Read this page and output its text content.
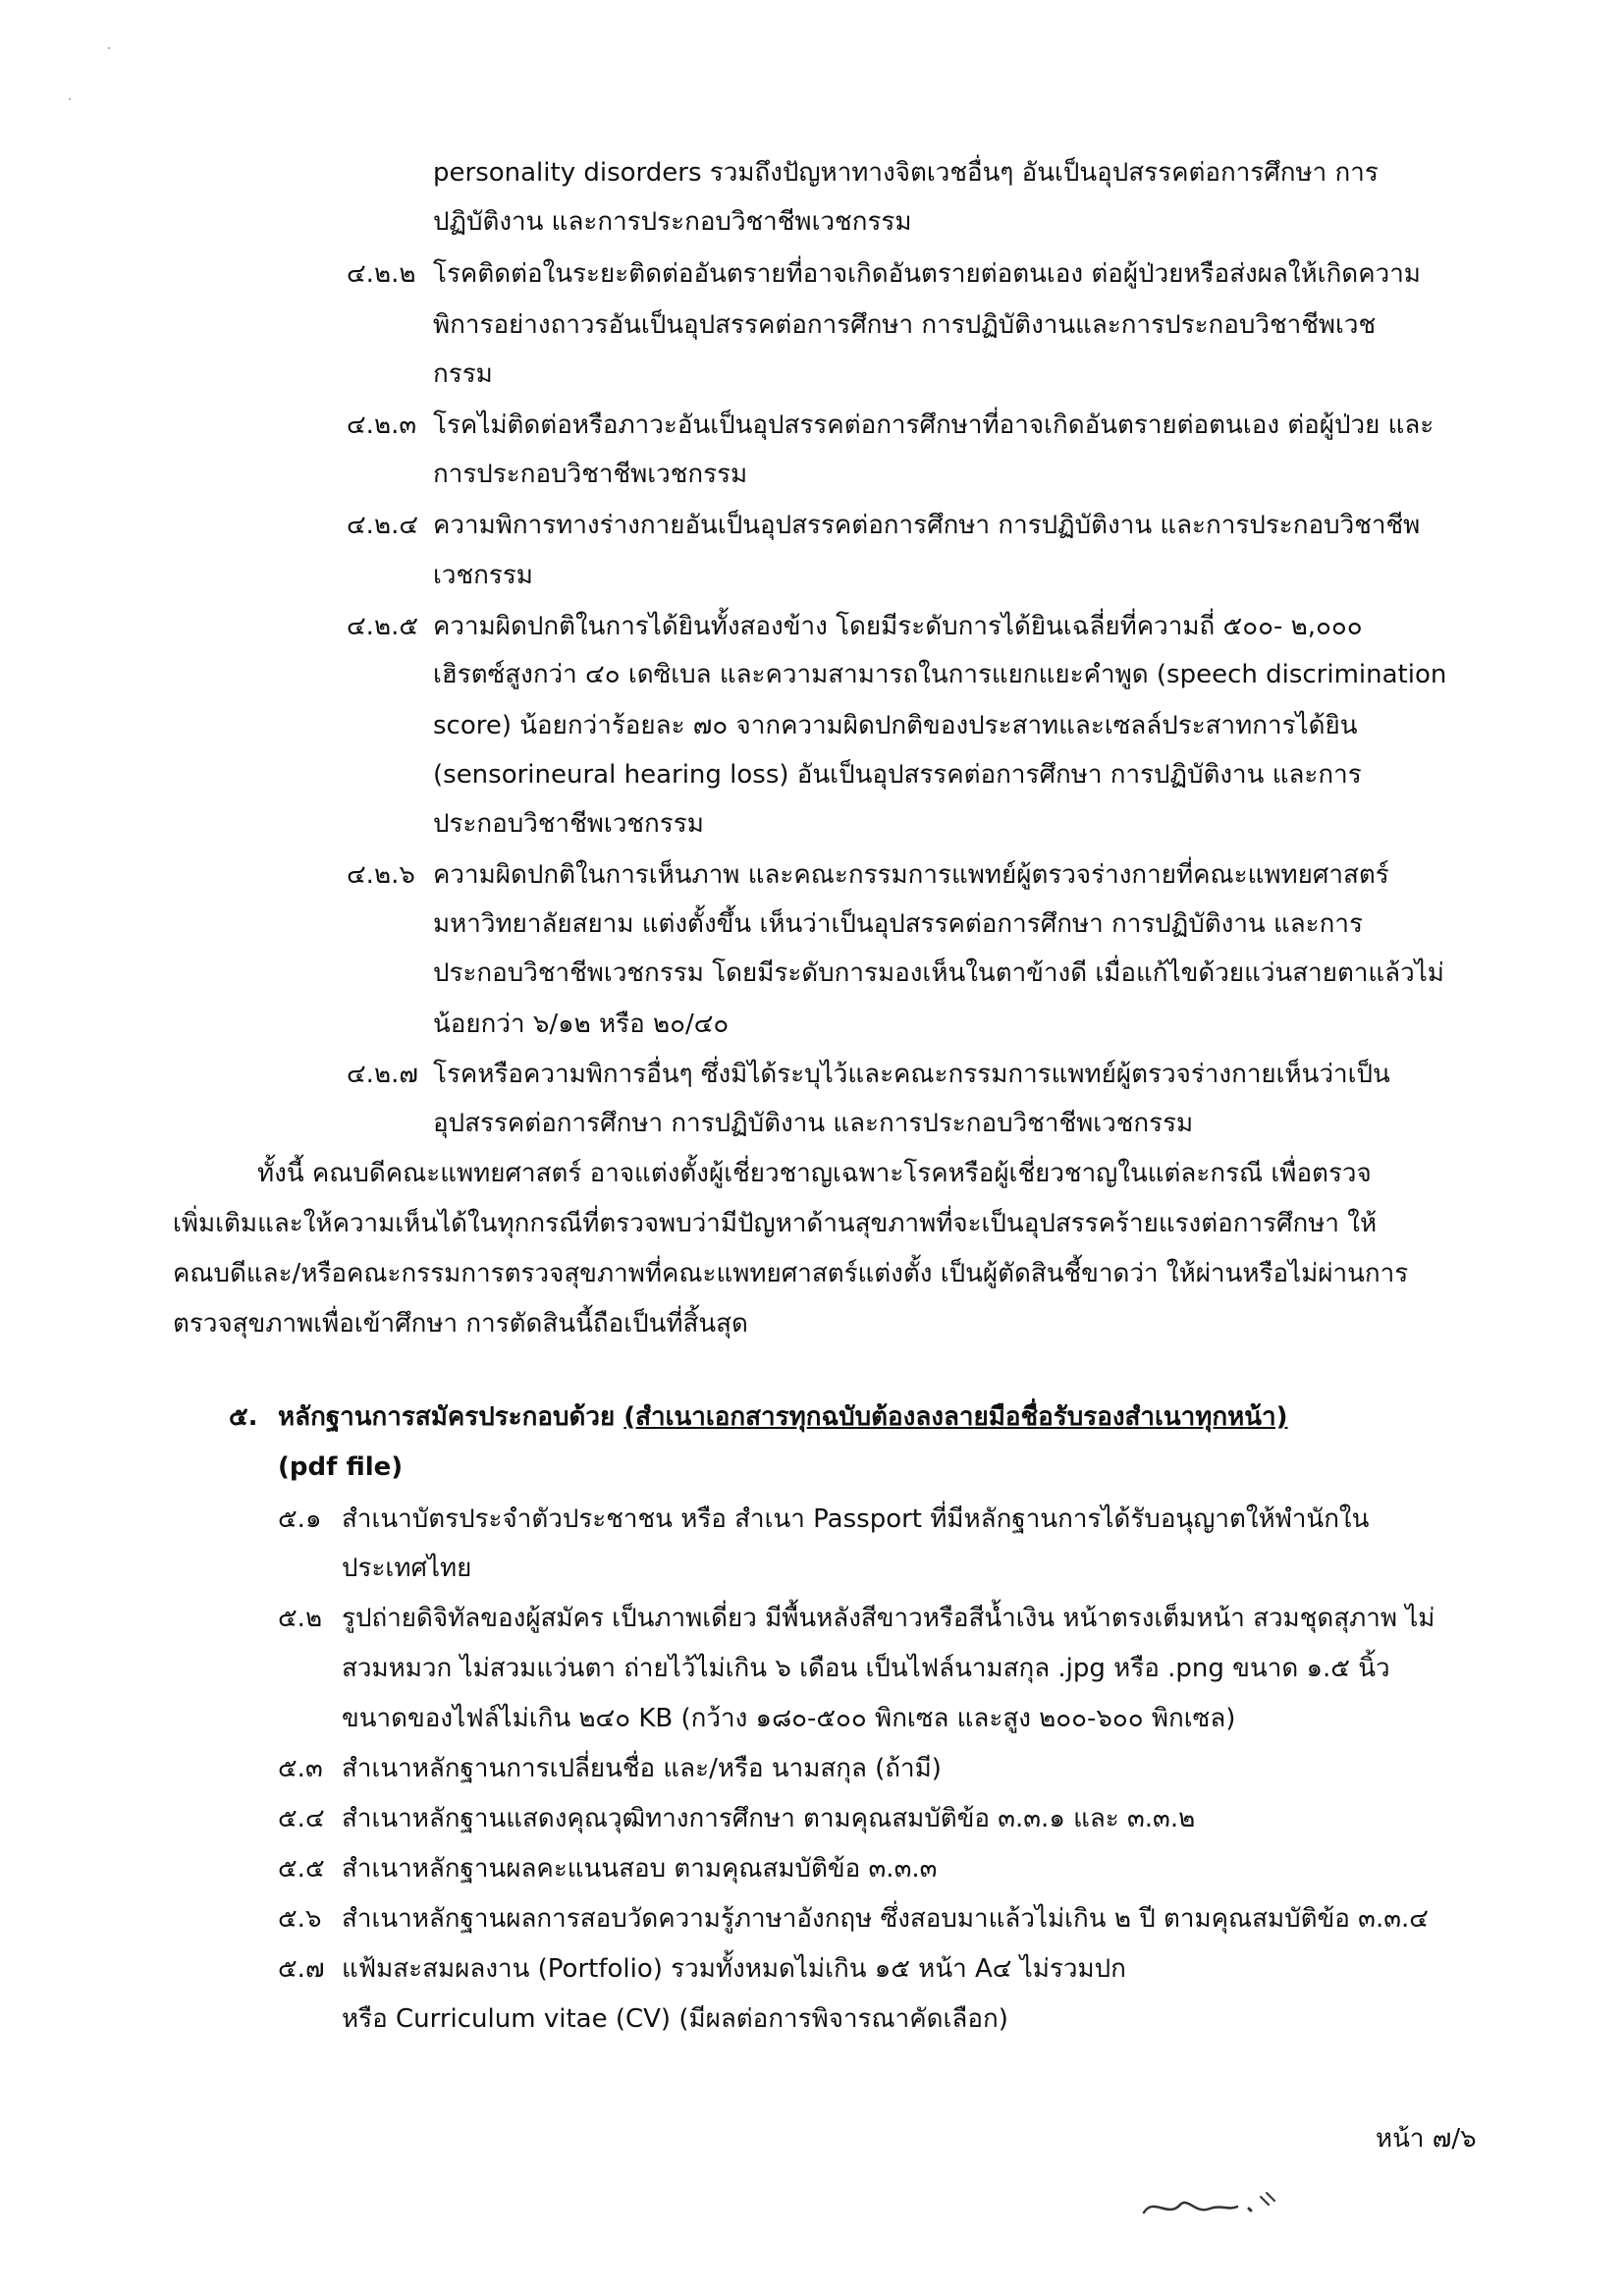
personality disorders รวมถึงปัญหาทางจิตเวชอื่นๆ อันเป็นอุปสรรคต่อการศึกษา การ
ปฏิบัติงาน และการประกอบวิชาชีพเวชกรรม
๔.๒.๒ โรคติดต่อในระยะติดต่ออันตรายที่อาจเกิดอันตรายต่อตนเอง ต่อผู้ป่วยหรือส่งผลให้เกิดความ
พิการอย่างถาวรอันเป็นอุปสรรคต่อการศึกษา การปฏิบัติงานและการประกอบวิชาชีพเวช
กรรม
๔.๒.๓ โรคไม่ติดต่อหรือภาวะอันเป็นอุปสรรคต่อการศึกษาที่อาจเกิดอันตรายต่อตนเอง ต่อผู้ป่วย และ
การประกอบวิชาชีพเวชกรรม
๔.๒.๔ ความพิการทางร่างกายอันเป็นอุปสรรคต่อการศึกษา การปฏิบัติงาน และการประกอบวิชาชีพ
เวชกรรม
๔.๒.๕ ความผิดปกติในการได้ยินทั้งสองข้าง โดยมีระดับการได้ยินเฉลี่ยที่ความถี่ ๕๐๐- ๒,๐๐๐
เฮิรตซ์สูงกว่า ๔๐ เดซิเบล และความสามารถในการแยกแยะคำพูด (speech discrimination
score) น้อยกว่าร้อยละ ๗๐ จากความผิดปกติของประสาทและเซลล์ประสาทการได้ยิน
(sensorineural hearing loss) อันเป็นอุปสรรคต่อการศึกษา การปฏิบัติงาน และการ
ประกอบวิชาชีพเวชกรรม
๔.๒.๖ ความผิดปกติในการเห็นภาพ และคณะกรรมการแพทย์ผู้ตรวจร่างกายที่คณะแพทยศาสตร์
มหาวิทยาลัยสยาม แต่งตั้งขึ้น เห็นว่าเป็นอุปสรรคต่อการศึกษา การปฏิบัติงาน และการ
ประกอบวิชาชีพเวชกรรม โดยมีระดับการมองเห็นในตาข้างดี เมื่อแก้ไขด้วยแว่นสายตาแล้วไม่
น้อยกว่า ๖/๑๒ หรือ ๒๐/๔๐
๔.๒.๗ โรคหรือความพิการอื่นๆ ซึ่งมิได้ระบุไว้และคณะกรรมการแพทย์ผู้ตรวจร่างกายเห็นว่าเป็น
อุปสรรคต่อการศึกษา การปฏิบัติงาน และการประกอบวิชาชีพเวชกรรม
ทั้งนี้ คณบดีคณะแพทยศาสตร์ อาจแต่งตั้งผู้เชี่ยวชาญเฉพาะโรคหรือผู้เชี่ยวชาญในแต่ละกรณี เพื่อตรวจ
เพิ่มเติมและให้ความเห็นได้ในทุกกรณีที่ตรวจพบว่ามีปัญหาด้านสุขภาพที่จะเป็นอุปสรรคร้ายแรงต่อการศึกษา ให้
คณบดีและ/หรือคณะกรรมการตรวจสุขภาพที่คณะแพทยศาสตร์แต่งตั้ง เป็นผู้ตัดสินชี้ขาดว่า ให้ผ่านหรือไม่ผ่านการ
ตรวจสุขภาพเพื่อเข้าศึกษา การตัดสินนี้ถือเป็นที่สิ้นสุด
๕. หลักฐานการสมัครประกอบด้วย (สำเนาเอกสารทุกฉบับต้องลงลายมือชื่อรับรองสำเนาทุกหน้า)
(pdf file)
๕.๑ สำเนาบัตรประจำตัวประชาชน หรือ สำเนา Passport ที่มีหลักฐานการได้รับอนุญาตให้พำนักใน
ประเทศไทย
๕.๒ รูปถ่ายดิจิทัลของผู้สมัคร เป็นภาพเดี่ยว มีพื้นหลังสีขาวหรือสีน้ำเงิน หน้าตรงเต็มหน้า สวมชุดสุภาพ ไม่
สวมหมวก ไม่สวมแว่นตา ถ่ายไว้ไม่เกิน ๖ เดือน เป็นไฟล์นามสกุล .jpg หรือ .png ขนาด ๑.๕ นิ้ว
ขนาดของไฟล์ไม่เกิน ๒๔๐ KB (กว้าง ๑๘๐-๕๐๐ พิกเซล และสูง ๒๐๐-๖๐๐ พิกเซล)
๕.๓ สำเนาหลักฐานการเปลี่ยนชื่อ และ/หรือ นามสกุล (ถ้ามี)
๕.๔ สำเนาหลักฐานแสดงคุณวุฒิทางการศึกษา ตามคุณสมบัติข้อ ๓.๓.๑ และ ๓.๓.๒
๕.๕ สำเนาหลักฐานผลคะแนนสอบ ตามคุณสมบัติข้อ ๓.๓.๓
๕.๖ สำเนาหลักฐานผลการสอบวัดความรู้ภาษาอังกฤษ ซึ่งสอบมาแล้วไม่เกิน ๒ ปี ตามคุณสมบัติข้อ ๓.๓.๔
๕.๗ แฟ้มสะสมผลงาน (Portfolio) รวมทั้งหมดไม่เกิน ๑๕ หน้า A๔ ไม่รวมปก
หรือ Curriculum vitae (CV) (มีผลต่อการพิจารณาคัดเลือก)
หน้า ๗/๖
